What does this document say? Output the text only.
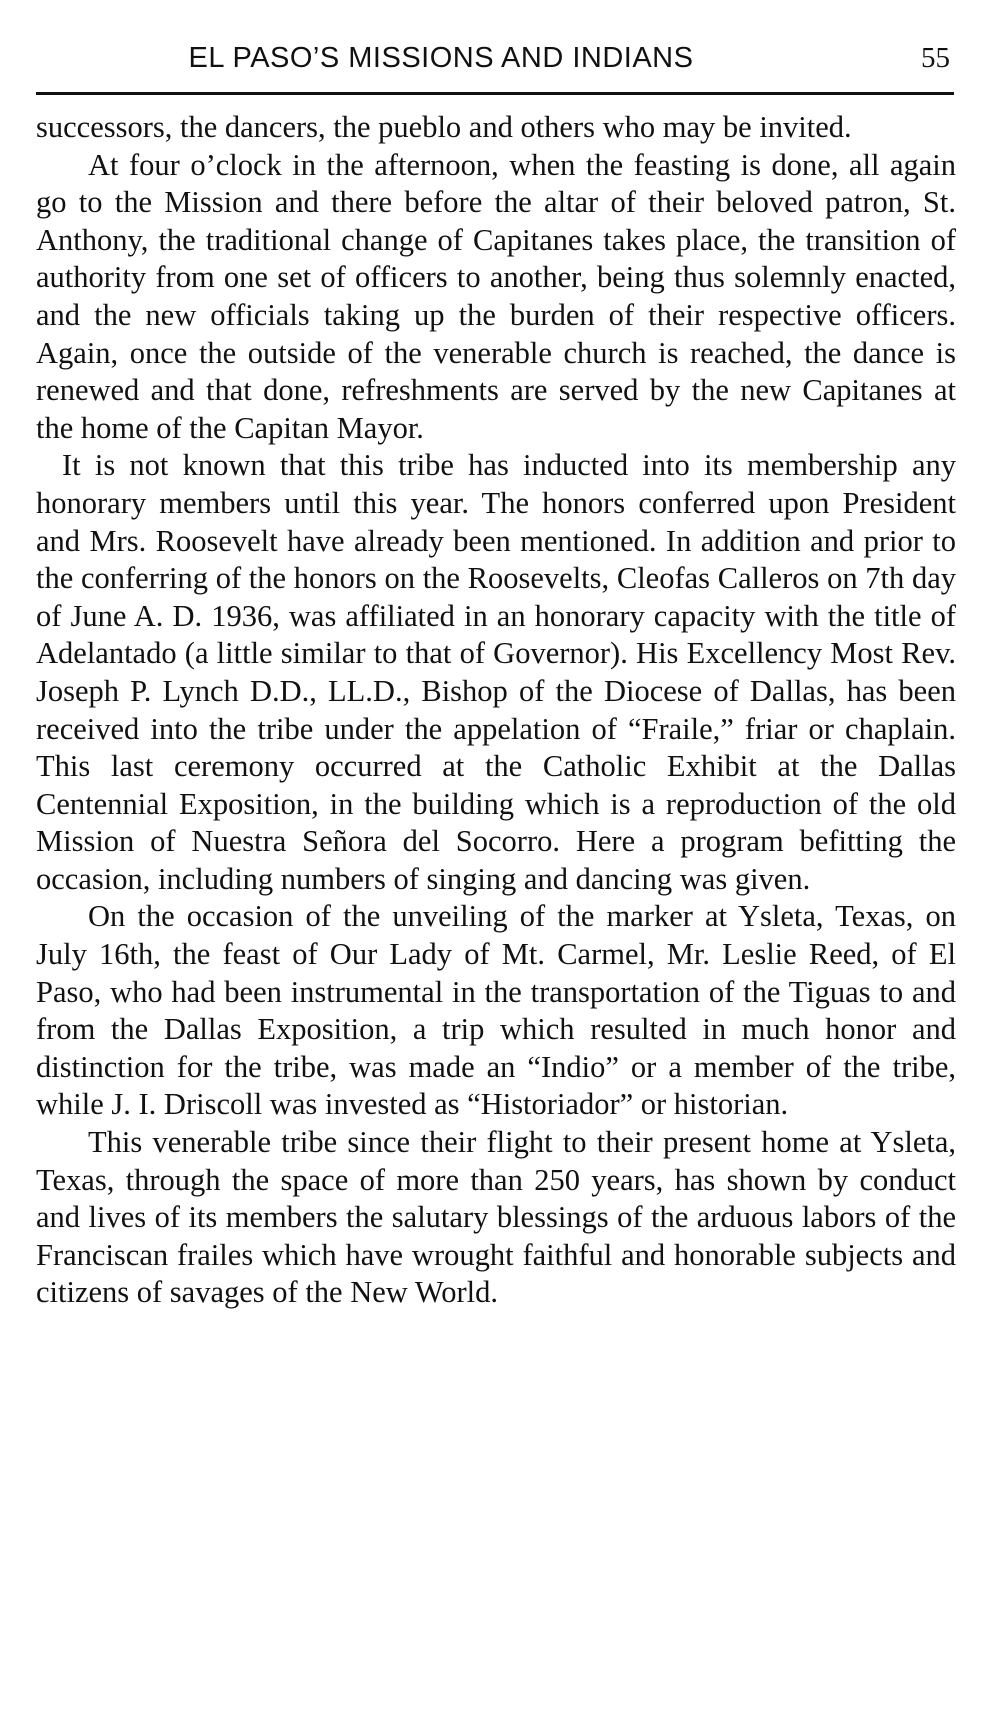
EL PASO’S MISSIONS AND INDIANS	55

successors, the dancers, the pueblo and others who may be invited.

At four o’clock in the afternoon, when the feasting is done, all again go to the Mission and there before the altar of their beloved patron, St. Anthony, the traditional change of Capitanes takes place, the transition of authority from one set of officers to another, being thus solemnly enacted, and the new officials taking up the burden of their respective officers. Again, once the outside of the venerable church is reached, the dance is renewed and that done, refreshments are served by the new Capitanes at the home of the Capitan Mayor.

It is not known that this tribe has inducted into its membership any honorary members until this year. The honors conferred upon President and Mrs. Roosevelt have already been mentioned. In addition and prior to the conferring of the honors on the Roosevelts, Cleofas Calleros on 7th day of June A. D. 1936, was affiliated in an honorary capacity with the title of Adelantado (a little similar to that of Governor). His Excellency Most Rev. Joseph P. Lynch D.D., LL.D., Bishop of the Diocese of Dallas, has been received into the tribe under the appelation of “Fraile,” friar or chaplain. This last ceremony occurred at the Catholic Exhibit at the Dallas Centennial Exposition, in the building which is a reproduction of the old Mission of Nuestra Señora del Socorro. Here a program befitting the occasion, including numbers of singing and dancing was given.

On the occasion of the unveiling of the marker at Ysleta, Texas, on July 16th, the feast of Our Lady of Mt. Carmel, Mr. Leslie Reed, of El Paso, who had been instrumental in the transportation of the Tiguas to and from the Dallas Exposition, a trip which resulted in much honor and distinction for the tribe, was made an “Indio” or a member of the tribe, while J. I. Driscoll was invested as “Historiador” or historian.

This venerable tribe since their flight to their present home at Ysleta, Texas, through the space of more than 250 years, has shown by conduct and lives of its members the salutary blessings of the arduous labors of the Franciscan frailes which have wrought faithful and honorable subjects and citizens of savages of the New World.
